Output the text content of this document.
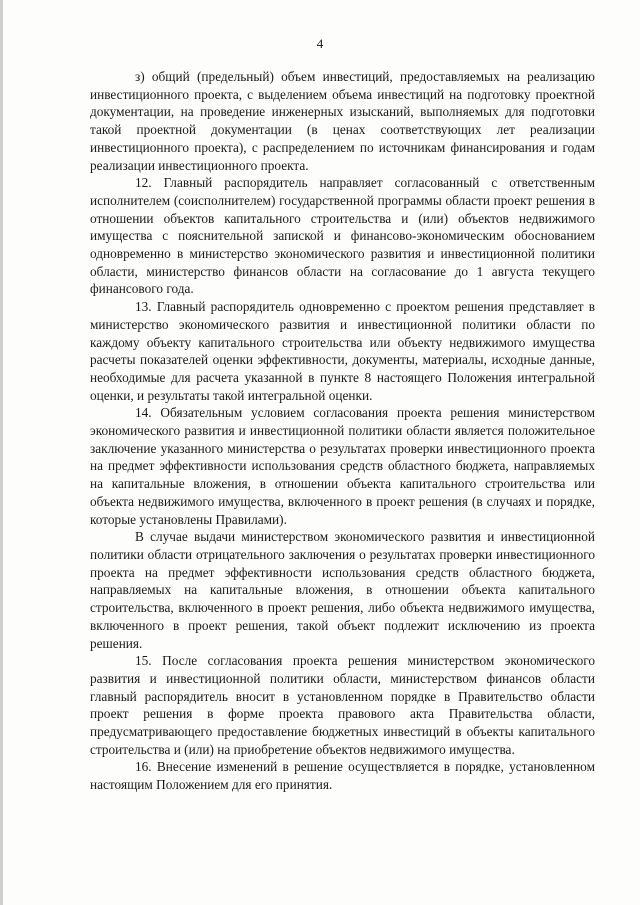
4

з) общий (предельный) объем инвестиций, предоставляемых на реализацию инвестиционного проекта, с выделением объема инвестиций на подготовку проектной документации, на проведение инженерных изысканий, выполняемых для подготовки такой проектной документации (в ценах соответствующих лет реализации инвестиционного проекта), с распределением по источникам финансирования и годам реализации инвестиционного проекта.

12. Главный распорядитель направляет согласованный с ответственным исполнителем (соисполнителем) государственной программы области проект решения в отношении объектов капитального строительства и (или) объектов недвижимого имущества с пояснительной запиской и финансово-экономическим обоснованием одновременно в министерство экономического развития и инвестиционной политики области, министерство финансов области на согласование до 1 августа текущего финансового года.

13. Главный распорядитель одновременно с проектом решения представляет в министерство экономического развития и инвестиционной политики области по каждому объекту капитального строительства или объекту недвижимого имущества расчеты показателей оценки эффективности, документы, материалы, исходные данные, необходимые для расчета указанной в пункте 8 настоящего Положения интегральной оценки, и результаты такой интегральной оценки.

14. Обязательным условием согласования проекта решения министерством экономического развития и инвестиционной политики области является положительное заключение указанного министерства о результатах проверки инвестиционного проекта на предмет эффективности использования средств областного бюджета, направляемых на капитальные вложения, в отношении объекта капитального строительства или объекта недвижимого имущества, включенного в проект решения (в случаях и порядке, которые установлены Правилами).

В случае выдачи министерством экономического развития и инвестиционной политики области отрицательного заключения о результатах проверки инвестиционного проекта на предмет эффективности использования средств областного бюджета, направляемых на капитальные вложения, в отношении объекта капитального строительства, включенного в проект решения, либо объекта недвижимого имущества, включенного в проект решения, такой объект подлежит исключению из проекта решения.

15. После согласования проекта решения министерством экономического развития и инвестиционной политики области, министерством финансов области главный распорядитель вносит в установленном порядке в Правительство области проект решения в форме проекта правового акта Правительства области, предусматривающего предоставление бюджетных инвестиций в объекты капитального строительства и (или) на приобретение объектов недвижимого имущества.

16. Внесение изменений в решение осуществляется в порядке, установленном настоящим Положением для его принятия.
